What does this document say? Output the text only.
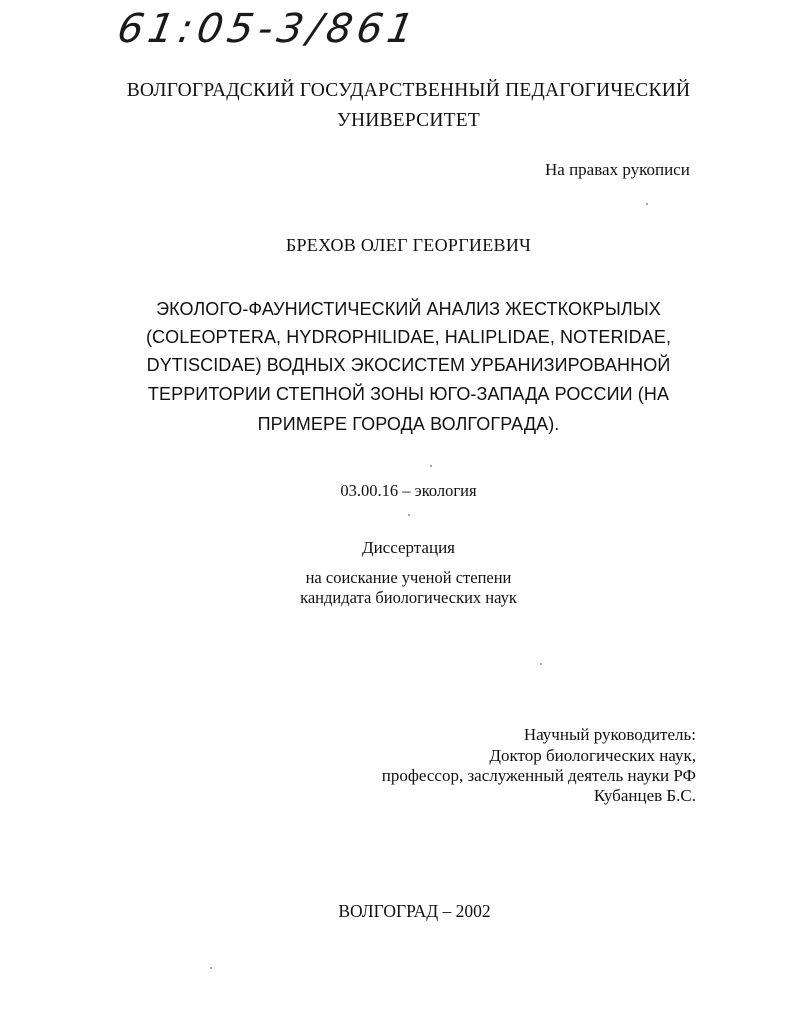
61:05-3/861
ВОЛГОГРАДСКИЙ ГОСУДАРСТВЕННЫЙ ПЕДАГОГИЧЕСКИЙ
УНИВЕРСИТЕТ
На правах рукописи
БРЕХОВ ОЛЕГ ГЕОРГИЕВИЧ
ЭКОЛОГО-ФАУНИСТИЧЕСКИЙ АНАЛИЗ ЖЕСТКОКРЫЛЫХ
(COLEOPTERA, HYDROPHILIDAE, HALIPLIDAE, NOTERIDAE,
DYTISCIDAE) ВОДНЫХ ЭКОСИСТЕМ УРБАНИЗИРОВАННОЙ
ТЕРРИТОРИИ СТЕПНОЙ ЗОНЫ ЮГО-ЗАПАДА РОССИИ (НА
ПРИМЕРЕ ГОРОДА ВОЛГОГРАДА).
03.00.16 – экология
Диссертация
на соискание ученой степени
кандидата биологических наук
Научный руководитель:
Доктор биологических наук,
профессор, заслуженный деятель науки РФ
Кубанцев Б.С.
ВОЛГОГРАД – 2002
